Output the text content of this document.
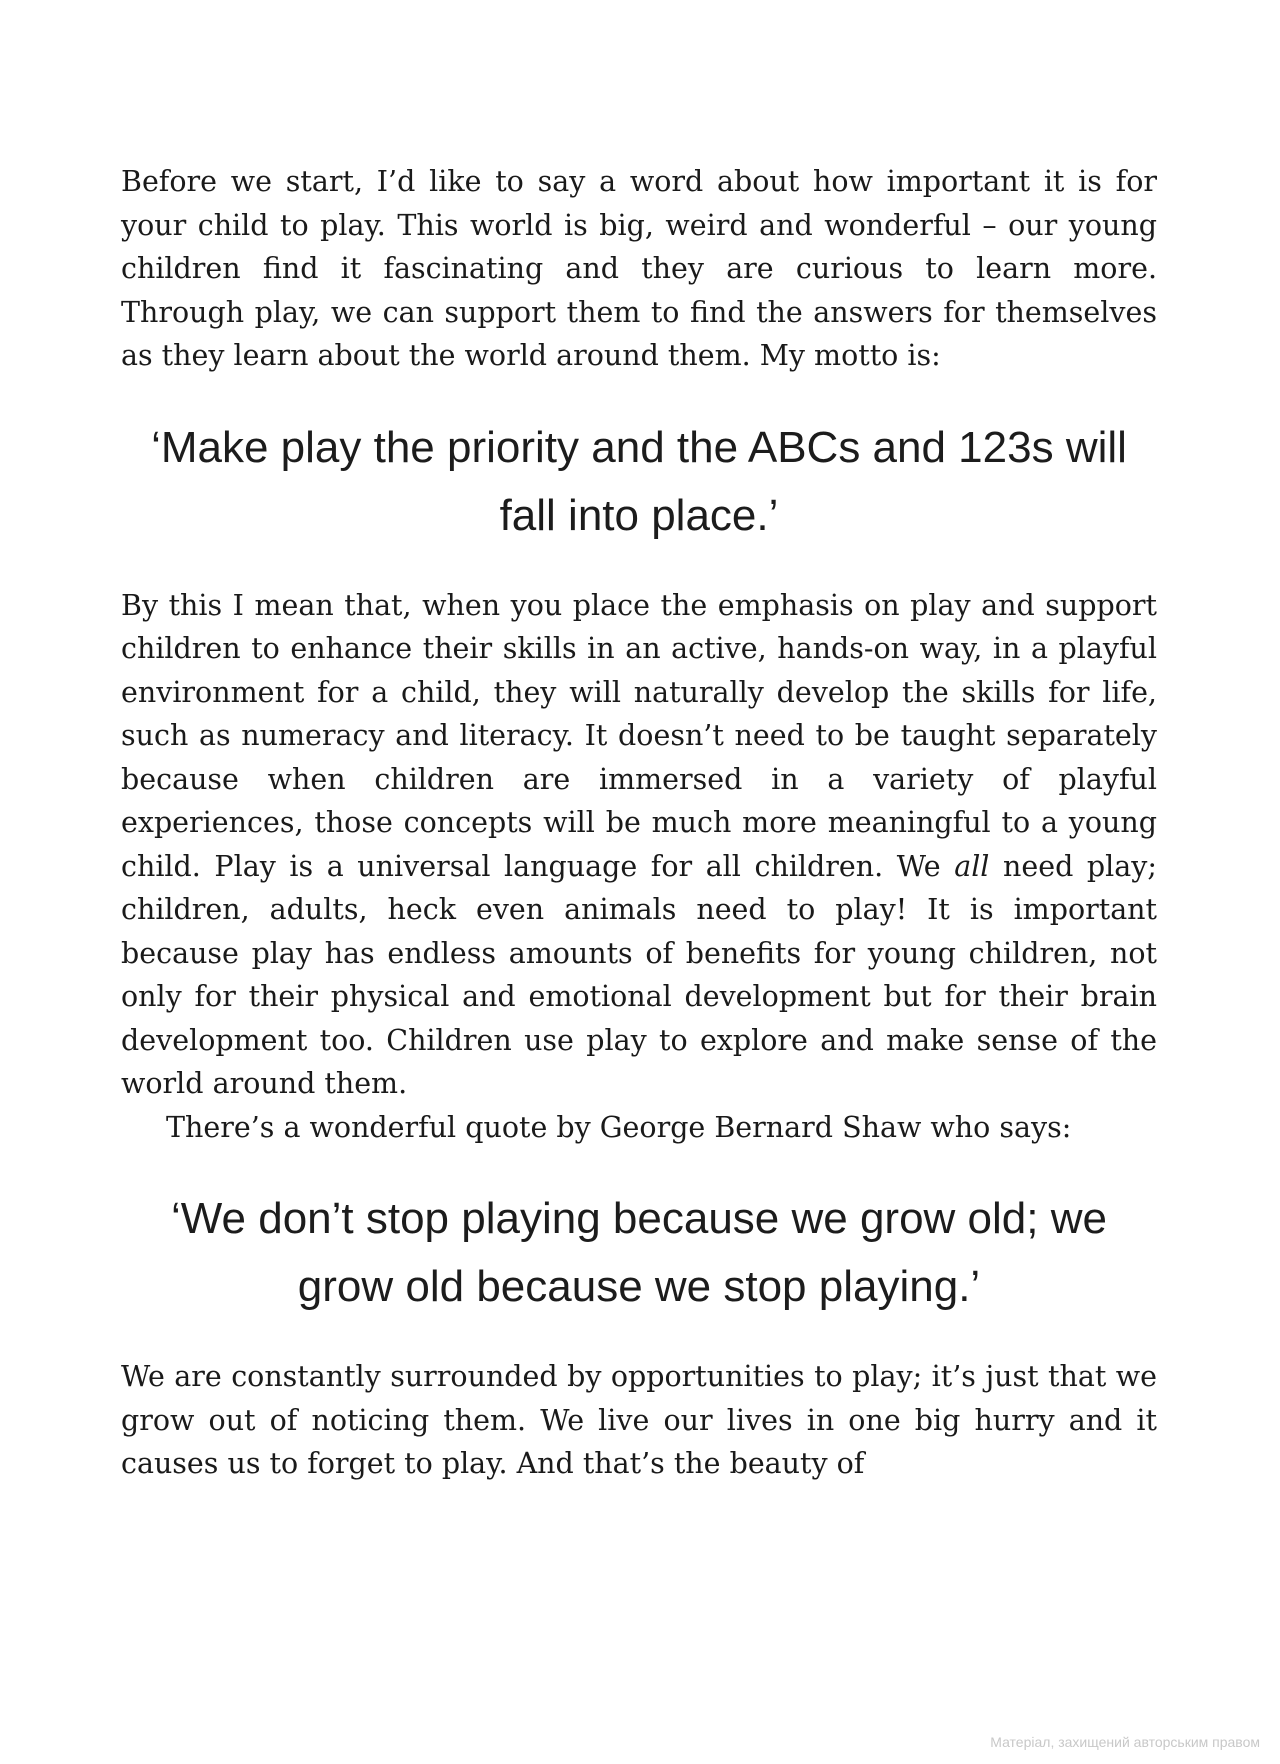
Before we start, I’d like to say a word about how important it is for your child to play. This world is big, weird and wonderful – our young children find it fascinating and they are curious to learn more. Through play, we can support them to find the answers for themselves as they learn about the world around them. My motto is:

‘Make play the priority and the ABCs and 123s will fall into place.’

By this I mean that, when you place the emphasis on play and support children to enhance their skills in an active, hands-on way, in a playful environment for a child, they will naturally develop the skills for life, such as numeracy and literacy. It doesn’t need to be taught separately because when children are immersed in a variety of playful experiences, those concepts will be much more meaningful to a young child. Play is a universal language for all children. We all need play; children, adults, heck even animals need to play! It is important because play has endless amounts of benefits for young children, not only for their physical and emotional development but for their brain development too. Children use play to explore and make sense of the world around them.

There’s a wonderful quote by George Bernard Shaw who says:

‘We don’t stop playing because we grow old; we grow old because we stop playing.’

We are constantly surrounded by opportunities to play; it’s just that we grow out of noticing them. We live our lives in one big hurry and it causes us to forget to play. And that’s the beauty of

Матеріал, захищений авторським правом
